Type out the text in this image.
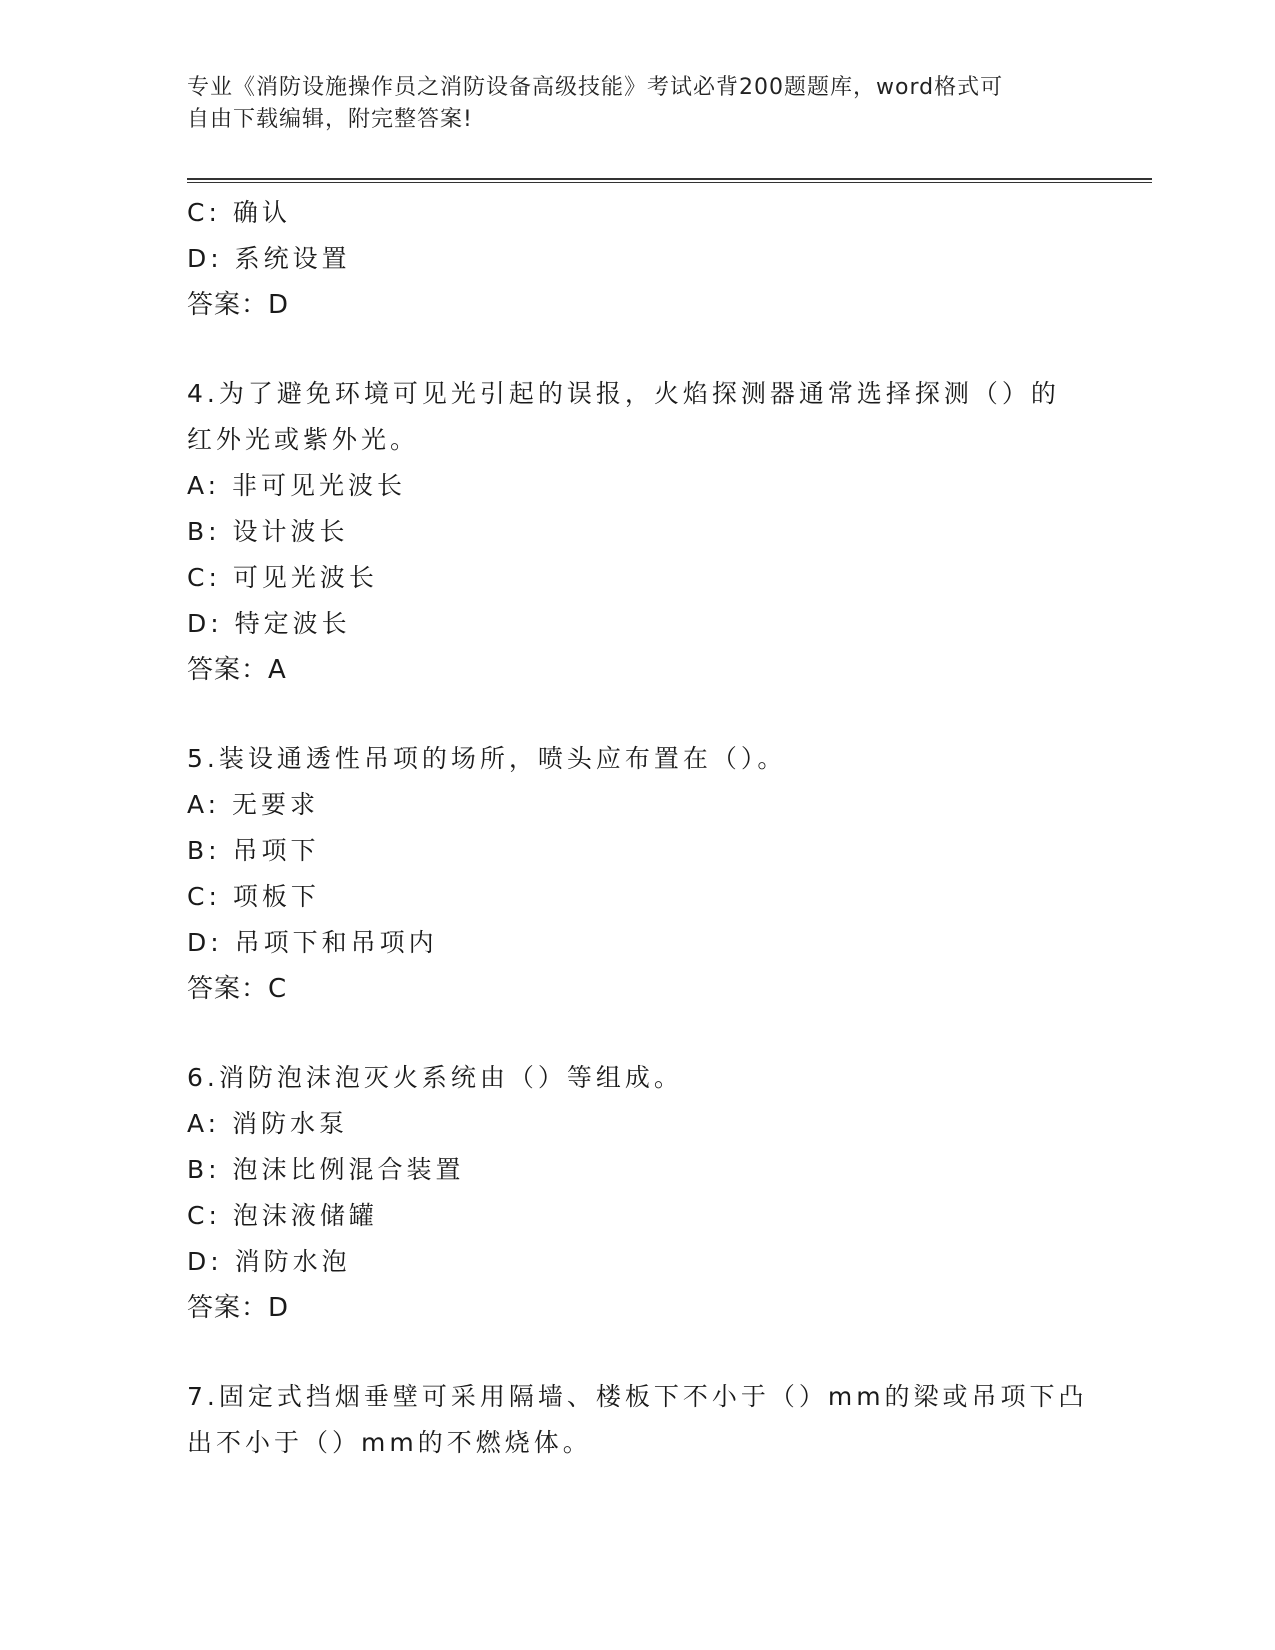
专业《消防设施操作员之消防设备高级技能》考试必背200题题库，word格式可
自由下载编辑，附完整答案!
C: 确认
D: 系统设置
答案：D
4.为了避免环境可见光引起的误报，火焰探测器通常选择探测（）的
红外光或紫外光。
A: 非可见光波长
B: 设计波长
C: 可见光波长
D: 特定波长
答案：A
5.装设通透性吊项的场所，喷头应布置在（）。
A: 无要求
B: 吊项下
C: 项板下
D: 吊项下和吊项内
答案：C
6.消防泡沫泡灭火系统由（）等组成。
A: 消防水泵
B: 泡沫比例混合装置
C: 泡沫液储罐
D: 消防水泡
答案：D
7.固定式挡烟垂壁可采用隔墙、楼板下不小于（）mm的梁或吊项下凸
出不小于（）mm的不燃烧体。
